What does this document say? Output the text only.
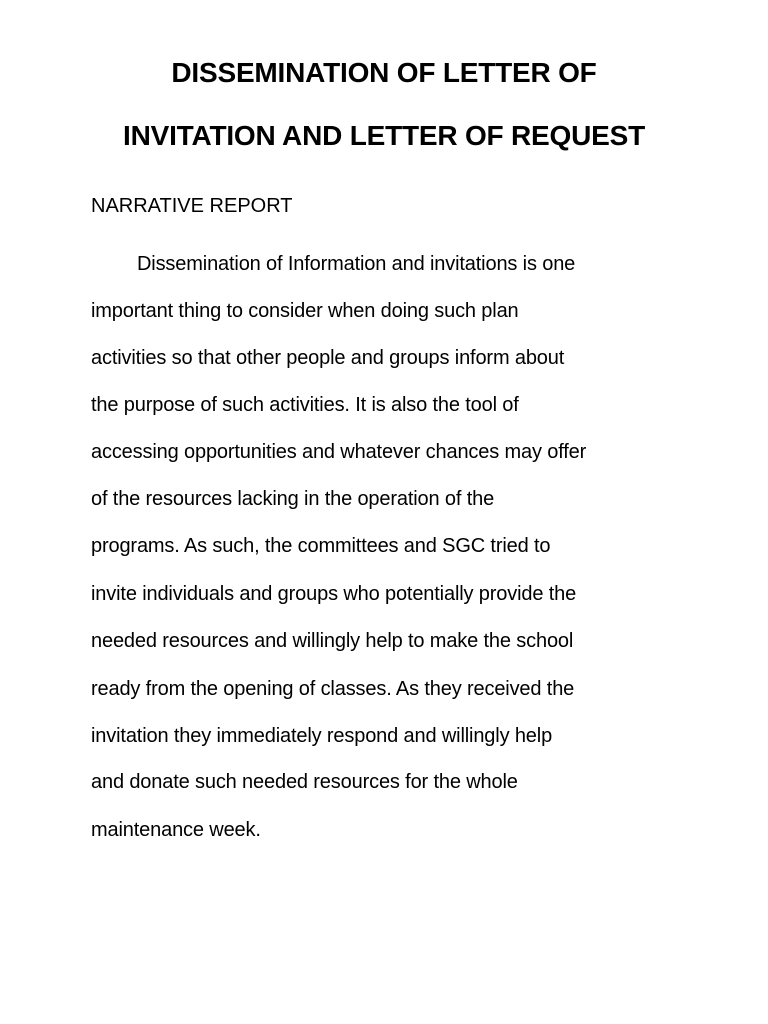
DISSEMINATION OF LETTER OF
INVITATION AND LETTER OF REQUEST

NARRATIVE REPORT

Dissemination of Information and invitations is one

important thing to consider when doing such plan

activities so that other people and groups inform about

the purpose of such activities. It is also the tool of

accessing opportunities and whatever chances may offer

of the resources lacking in the operation of the

programs. As such, the committees and SGC tried to

invite individuals and groups who potentially provide the

needed resources and willingly help to make the school

ready from the opening of classes. As they received the

invitation they immediately respond and willingly help

and donate such needed resources for the whole

maintenance week.
